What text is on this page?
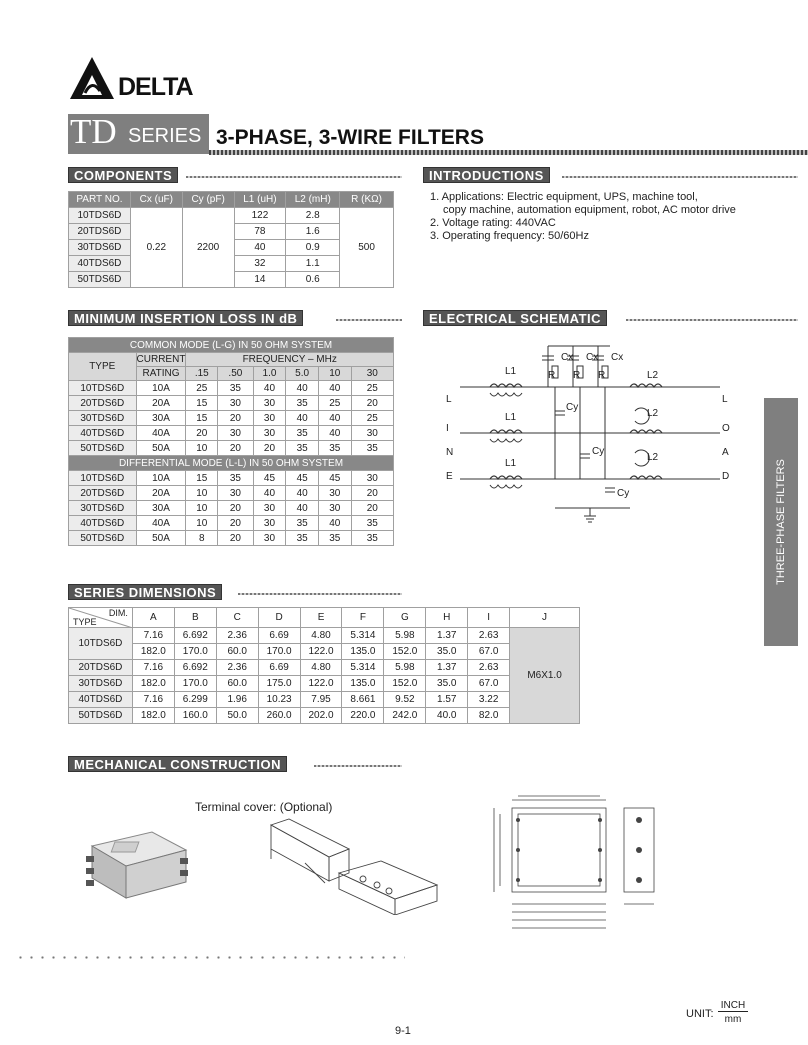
DELTA
TD SERIES 3-PHASE, 3-WIRE FILTERS
COMPONENTS
PART NO.	Cx (uF)	Cy (pF)	L1 (uH)	L2 (mH)	R (KΩ)
10TDS6D	0.22	2200	122	2.8	500
20TDS6D			78	1.6	
30TDS6D			40	0.9	
40TDS6D			32	1.1	
50TDS6D			14	0.6	
INTRODUCTIONS
1. Applications: Electric equipment, UPS, machine tool,
copy machine, automation equipment, robot, AC motor drive
2. Voltage rating: 440VAC
3. Operating frequency: 50/60Hz
MINIMUM INSERTION LOSS IN dB
COMMON MODE (L-G) IN 50 OHM SYSTEM							
TYPE	CURRENT	FREQUENCY – MHz					
	RATING	.15	.50	1.0	5.0	10	30
10TDS6D	10A	25	35	40	40	40	25
20TDS6D	20A	15	30	30	35	25	20
30TDS6D	30A	15	20	30	40	40	25
40TDS6D	40A	20	30	30	35	40	30
50TDS6D	50A	10	20	20	35	35	35
DIFFERENTIAL MODE (L-L) IN 50 OHM SYSTEM							
10TDS6D	10A	15	35	45	45	45	30
20TDS6D	20A	10	30	40	40	30	20
30TDS6D	30A	10	20	30	40	30	20
40TDS6D	40A	10	20	30	35	40	35
50TDS6D	50A	8	20	30	35	35	35
ELECTRICAL SCHEMATIC
Cx Cx Cx
R R R
L1
L1
L1
L2
L2
L2
Cy
Cy
Cy
L
I
N
E
L
O
A
D	THREE-PHASE FILTERS
SERIES DIMENSIONS
DIM.
TYPE	A	B	C	D	E	F	G	H	I	J
10TDS6D	7.16	6.692	2.36	6.69	4.80	5.314	5.98	1.37	2.63	M6X1.0
	182.0	170.0	60.0	170.0	122.0	135.0	152.0	35.0	67.0	
20TDS6D	7.16	6.692	2.36	6.69	4.80	5.314	5.98	1.37	2.63	
30TDS6D	182.0	170.0	60.0	175.0	122.0	135.0	152.0	35.0	67.0	
40TDS6D	7.16	6.299	1.96	10.23	7.95	8.661	9.52	1.57	3.22	
50TDS6D	182.0	160.0	50.0	260.0	202.0	220.0	242.0	40.0	82.0	
MECHANICAL CONSTRUCTION
Terminal cover: (Optional)
UNIT:
INCH
mm
9-1
